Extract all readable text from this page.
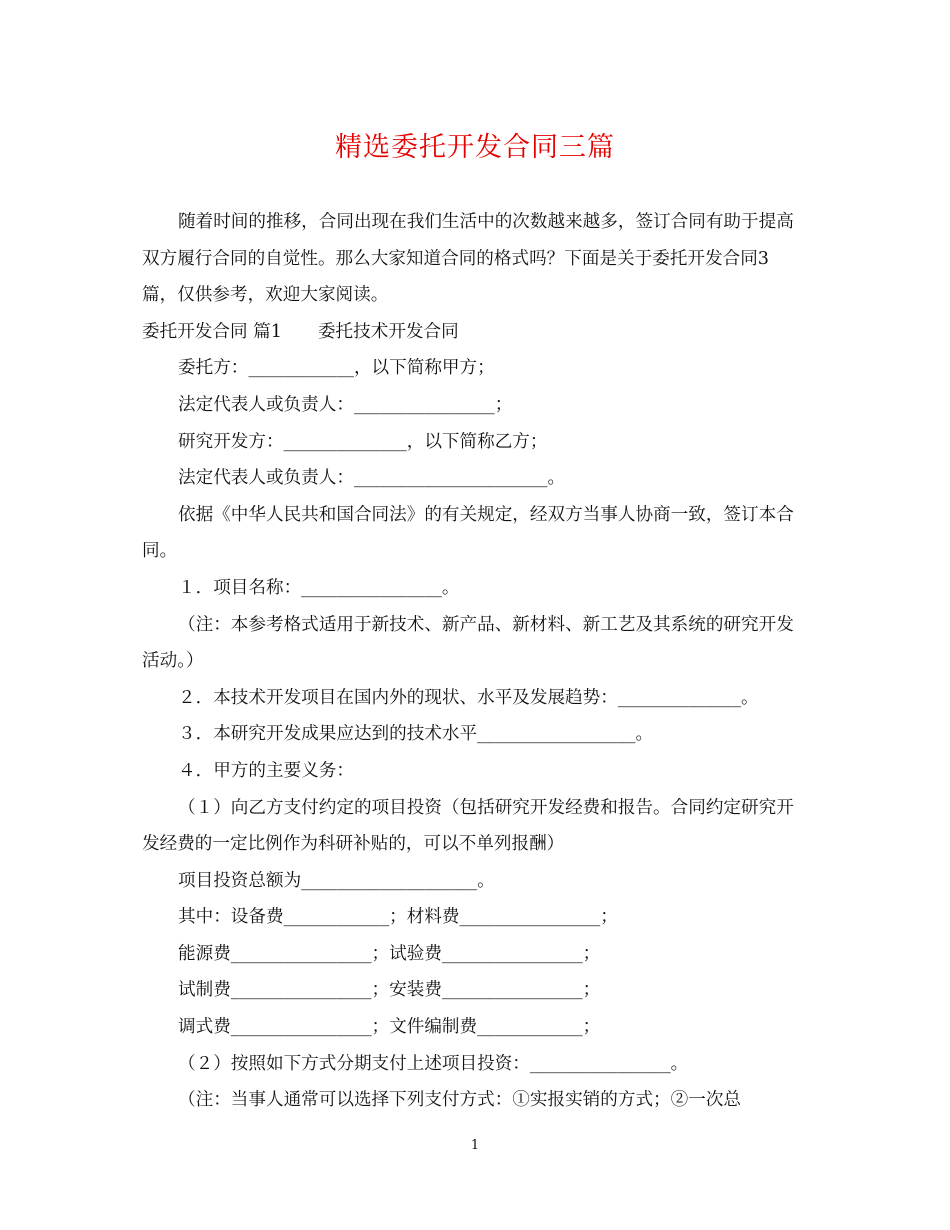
精选委托开发合同三篇

随着时间的推移，合同出现在我们生活中的次数越来越多，签订合同有助于提高双方履行合同的自觉性。那么大家知道合同的格式吗？下面是关于委托开发合同3篇，仅供参考，欢迎大家阅读。

委托开发合同 篇1 委托技术开发合同

委托方：____________，以下简称甲方；

法定代表人或负责人：________________；

研究开发方：______________，以下简称乙方；

法定代表人或负责人：______________________。

依据《中华人民共和国合同法》的有关规定，经双方当事人协商一致，签订本合同。

１．项目名称：________________。

（注：本参考格式适用于新技术、新产品、新材料、新工艺及其系统的研究开发活动。）

２．本技术开发项目在国内外的现状、水平及发展趋势：______________。

３．本研究开发成果应达到的技术水平__________________。

４．甲方的主要义务：

（１）向乙方支付约定的项目投资（包括研究开发经费和报告。合同约定研究开发经费的一定比例作为科研补贴的，可以不单列报酬）

项目投资总额为____________________。

其中：设备费____________；材料费________________；

能源费________________；试验费________________；

试制费________________；安装费________________；

调式费________________；文件编制费____________；

（２）按照如下方式分期支付上述项目投资：________________。

（注：当事人通常可以选择下列支付方式：①实报实销的方式；②一次总

1
